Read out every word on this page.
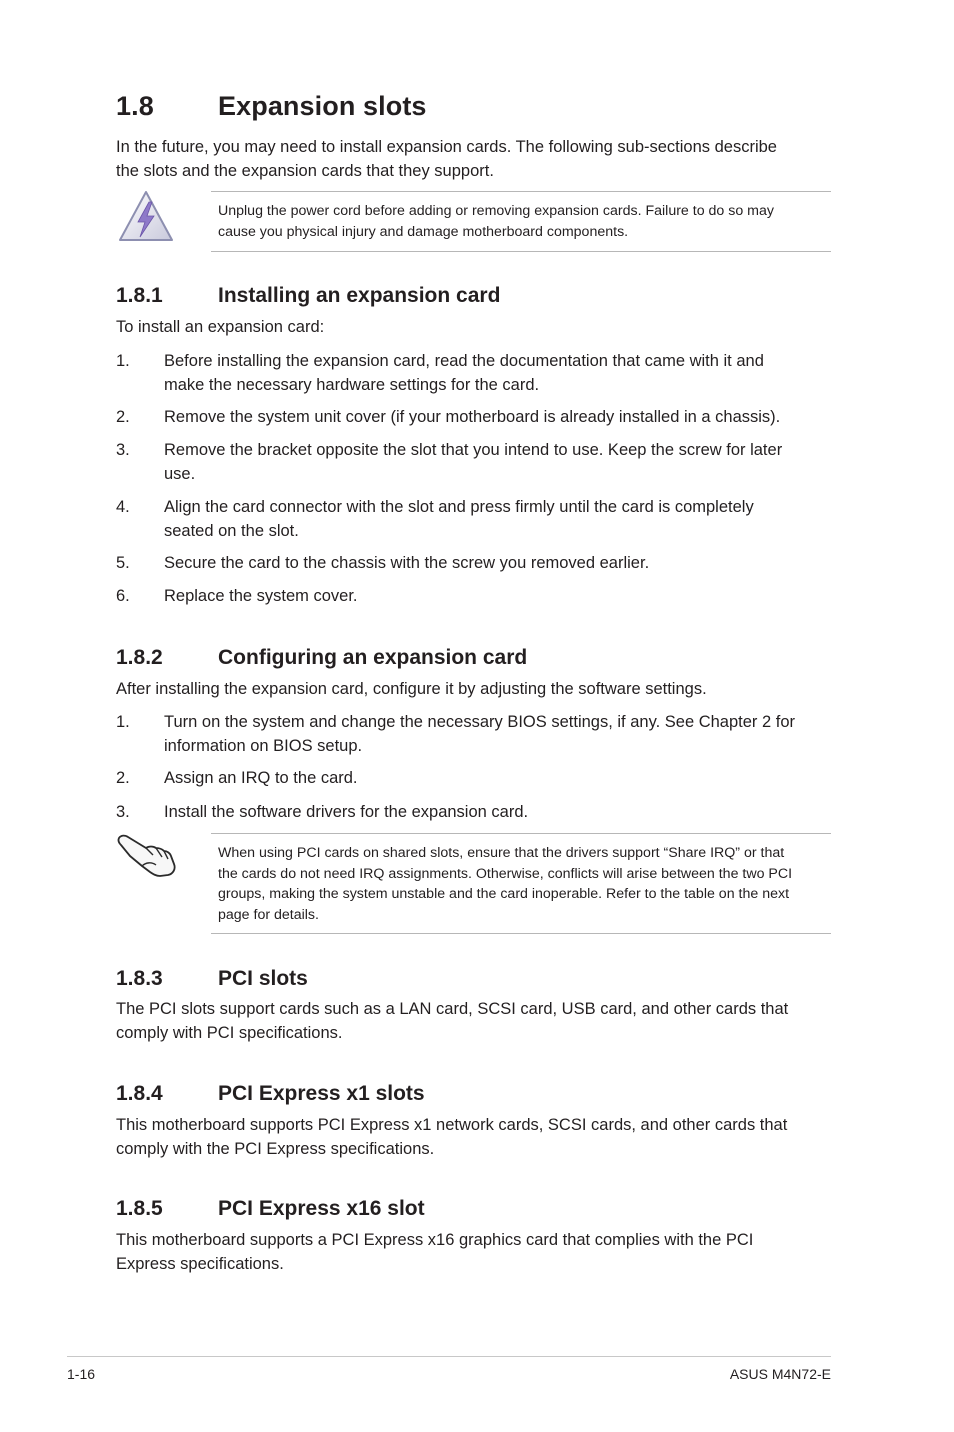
1.8 Expansion slots
In the future, you may need to install expansion cards. The following sub-sections describe
the slots and the expansion cards that they support.
Unplug the power cord before adding or removing expansion cards. Failure to do so may
cause you physical injury and damage motherboard components.
1.8.1	Installing an expansion card
To install an expansion card:
1. Before installing the expansion card, read the documentation that came with it and
make the necessary hardware settings for the card.
2. Remove the system unit cover (if your motherboard is already installed in a chassis).
3. Remove the bracket opposite the slot that you intend to use. Keep the screw for later
use.
4. Align the card connector with the slot and press firmly until the card is completely
seated on the slot.
5. Secure the card to the chassis with the screw you removed earlier.
6. Replace the system cover.
1.8.2	Configuring an expansion card
After installing the expansion card, configure it by adjusting the software settings.
1. Turn on the system and change the necessary BIOS settings, if any. See Chapter 2 for
information on BIOS setup.
2. Assign an IRQ to the card.
3. Install the software drivers for the expansion card.
When using PCI cards on shared slots, ensure that the drivers support “Share IRQ” or that
the cards do not need IRQ assignments. Otherwise, conflicts will arise between the two PCI
groups, making the system unstable and the card inoperable. Refer to the table on the next
page for details.
1.8.3	PCI slots
The PCI slots support cards such as a LAN card, SCSI card, USB card, and other cards that
comply with PCI specifications.
1.8.4	PCI Express x1 slots
This motherboard supports PCI Express x1 network cards, SCSI cards, and other cards that
comply with the PCI Express specifications.
1.8.5	PCI Express x16 slot
This motherboard supports a PCI Express x16 graphics card that complies with the PCI
Express specifications.
1-16	ASUS M4N72-E
